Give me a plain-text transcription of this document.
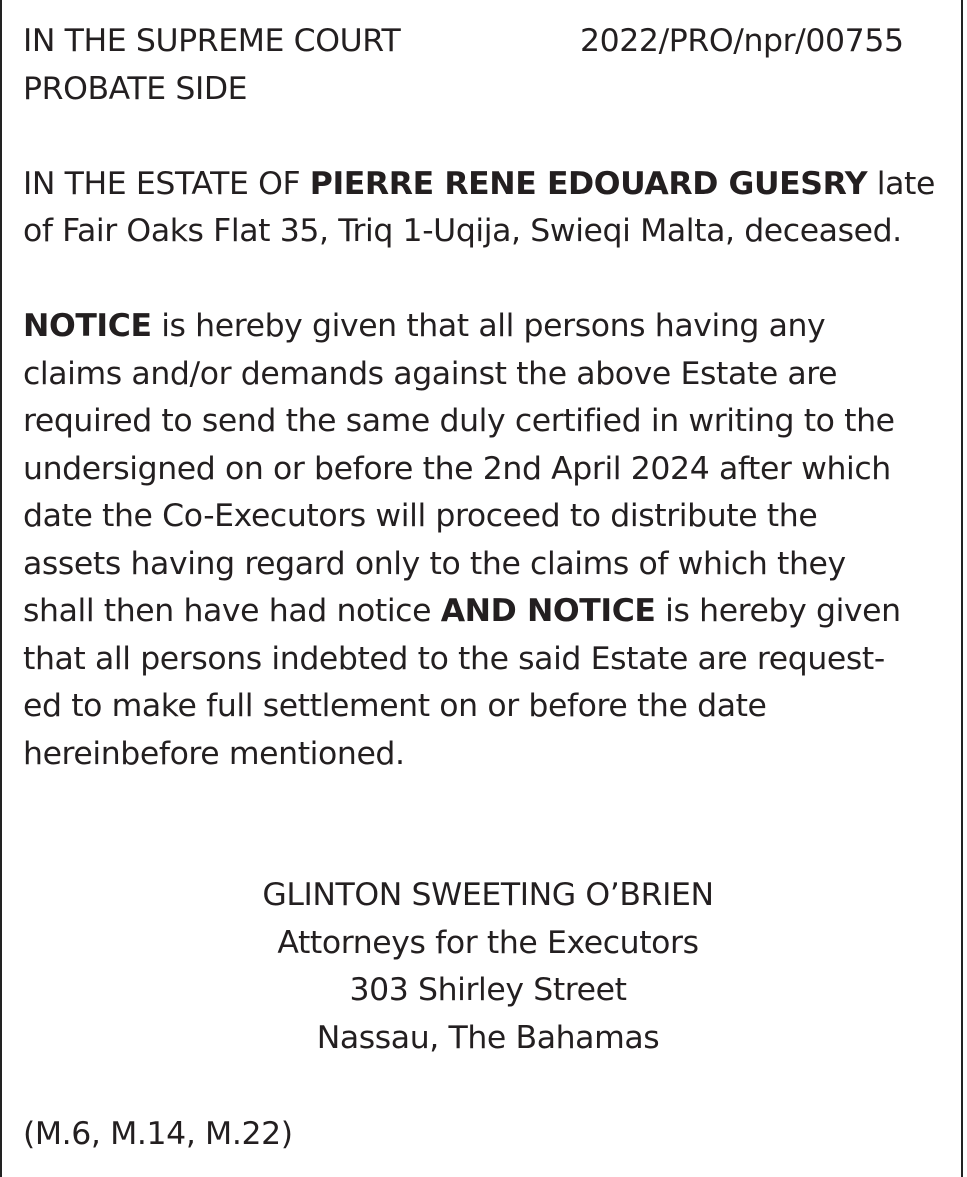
IN THE SUPREME COURT	2022/PRO/npr/00755
PROBATE SIDE
IN THE ESTATE OF PIERRE RENE EDOUARD GUESRY late
of Fair Oaks Flat 35, Triq 1-Uqija, Swieqi Malta, deceased.
NOTICE is hereby given that all persons having any
claims and/or demands against the above Estate are
required to send the same duly certified in writing to the
undersigned on or before the 2nd April 2024 after which
date the Co-Executors will proceed to distribute the
assets having regard only to the claims of which they
shall then have had notice AND NOTICE is hereby given
that all persons indebted to the said Estate are request-
ed to make full settlement on or before the date
hereinbefore mentioned.
GLINTON SWEETING O’BRIEN
Attorneys for the Executors
303 Shirley Street
Nassau, The Bahamas
(M.6, M.14, M.22)
